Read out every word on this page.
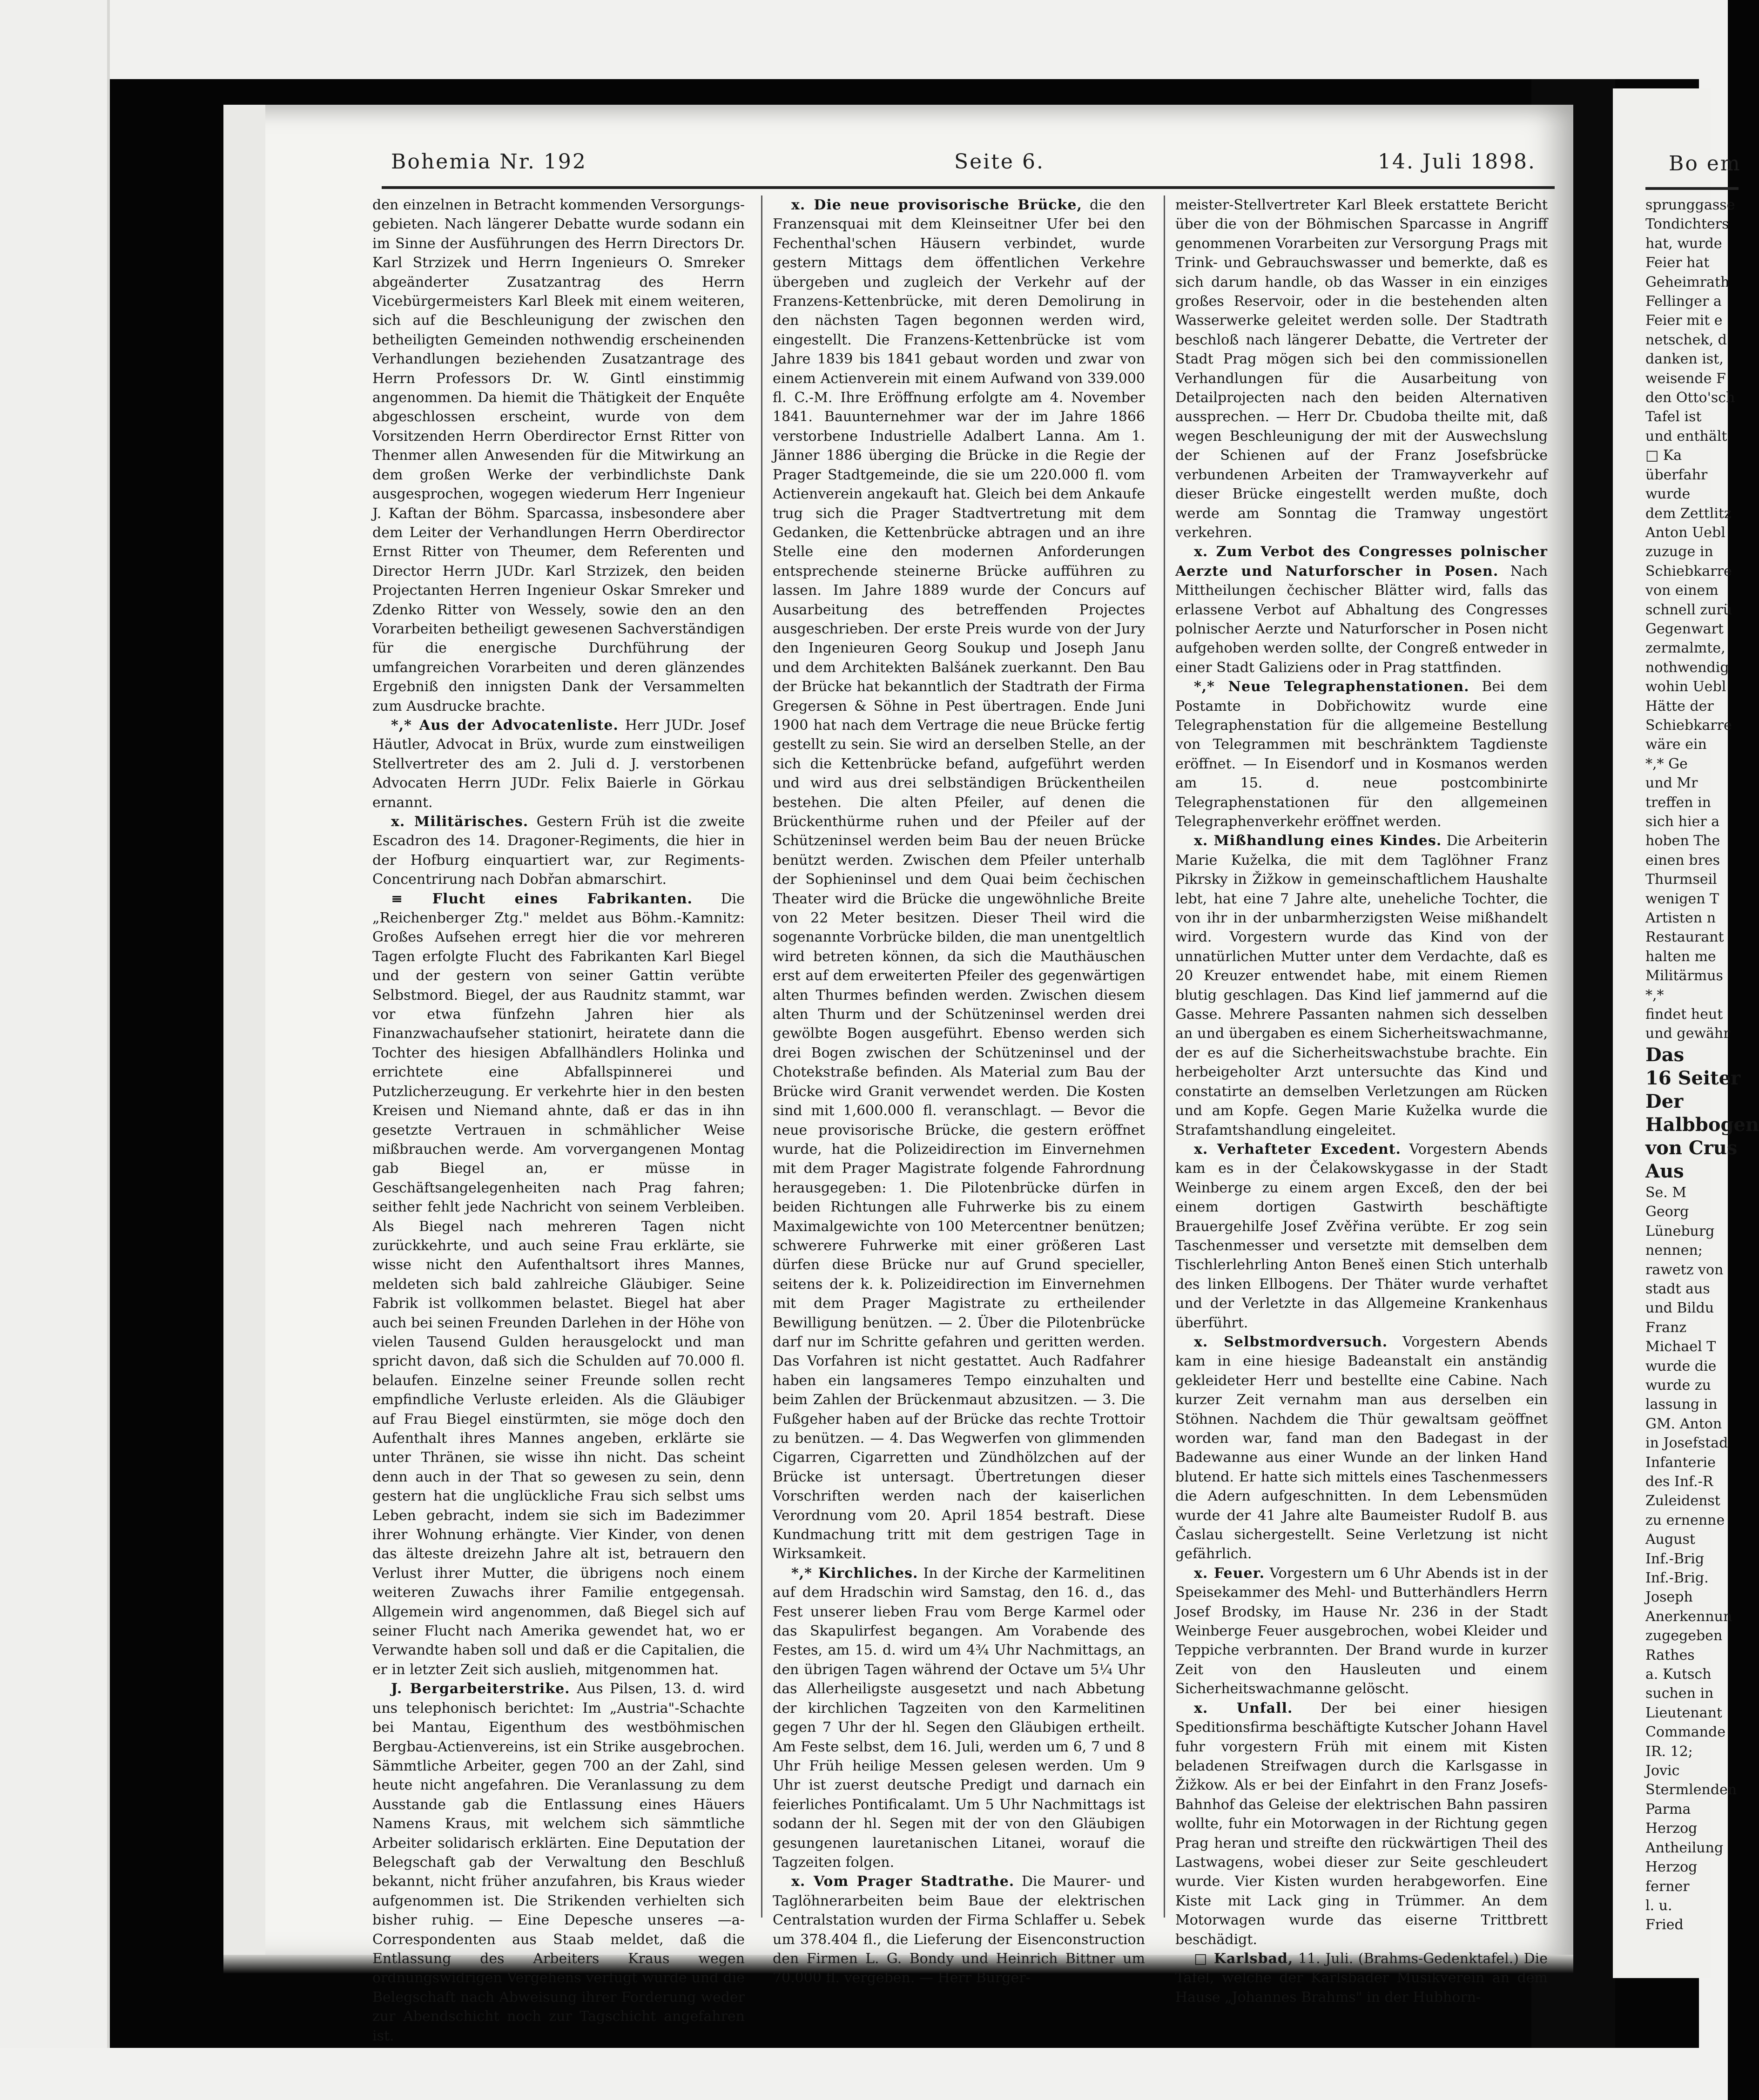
Bohemia Nr. 192	Seite 6.	14. Juli 1898.

den einzelnen in Betracht kommenden Versorgungs-gebieten. Nach längerer Debatte wurde sodann ein im Sinne der Ausführungen des Herrn Directors Dr. Karl Strzizek und Herrn Ingenieurs O. Smreker abgeänderter Zusatzantrag des Herrn Vicebürgermeisters Karl Bleek mit einem weiteren, sich auf die Beschleunigung der zwischen den betheiligten Gemeinden nothwendig erscheinenden Verhandlungen beziehenden Zusatzantrage des Herrn Professors Dr. W. Gintl einstimmig angenommen. Da hiemit die Thätigkeit der Enquête abgeschlossen erscheint, wurde von dem Vorsitzenden Herrn Oberdirector Ernst Ritter von Thenmer allen Anwesenden für die Mitwirkung an dem großen Werke der verbindlichste Dank ausgesprochen, wogegen wiederum Herr Ingenieur J. Kaftan der Böhm. Sparcassa, insbesondere aber dem Leiter der Verhandlungen Herrn Oberdirector Ernst Ritter von Theumer, dem Referenten und Director Herrn JUDr. Karl Strzizek, den beiden Projectanten Herren Ingenieur Oskar Smreker und Zdenko Ritter von Wessely, sowie den an den Vorarbeiten betheiligt gewesenen Sachverständigen für die energische Durchführung der umfangreichen Vorarbeiten und deren glänzendes Ergebniß den innigsten Dank der Versammelten zum Ausdrucke brachte.

*,* Aus der Advocatenliste. Herr JUDr. Josef Häutler, Advocat in Brüx, wurde zum einstweiligen Stellvertreter des am 2. Juli d. J. verstorbenen Advocaten Herrn JUDr. Felix Baierle in Görkau ernannt.

x. Militärisches. Gestern Früh ist die zweite Escadron des 14. Dragoner-Regiments, die hier in der Hofburg einquartiert war, zur Regiments-Concentrirung nach Dobřan abmarschirt.

≡ Flucht eines Fabrikanten. Die „Reichenberger Ztg." meldet aus Böhm.-Kamnitz: Großes Aufsehen erregt hier die vor mehreren Tagen erfolgte Flucht des Fabrikanten Karl Biegel und der gestern von seiner Gattin verübte Selbstmord. Biegel, der aus Raudnitz stammt, war vor etwa fünfzehn Jahren hier als Finanzwachaufseher stationirt, heiratete dann die Tochter des hiesigen Abfallhändlers Holinka und errichtete eine Abfallspinnerei und Putzlicherzeugung. Er verkehrte hier in den besten Kreisen und Niemand ahnte, daß er das in ihn gesetzte Vertrauen in schmählicher Weise mißbrauchen werde. Am vorvergangenen Montag gab Biegel an, er müsse in Geschäftsangelegenheiten nach Prag fahren; seither fehlt jede Nachricht von seinem Verbleiben. Als Biegel nach mehreren Tagen nicht zurückkehrte, und auch seine Frau erklärte, sie wisse nicht den Aufenthaltsort ihres Mannes, meldeten sich bald zahlreiche Gläubiger. Seine Fabrik ist vollkommen belastet. Biegel hat aber auch bei seinen Freunden Darlehen in der Höhe von vielen Tausend Gulden herausgelockt und man spricht davon, daß sich die Schulden auf 70.000 fl. belaufen. Einzelne seiner Freunde sollen recht empfindliche Verluste erleiden. Als die Gläubiger auf Frau Biegel einstürmten, sie möge doch den Aufenthalt ihres Mannes angeben, erklärte sie unter Thränen, sie wisse ihn nicht. Das scheint denn auch in der That so gewesen zu sein, denn gestern hat die unglückliche Frau sich selbst ums Leben gebracht, indem sie sich im Badezimmer ihrer Wohnung erhängte. Vier Kinder, von denen das älteste dreizehn Jahre alt ist, betrauern den Verlust ihrer Mutter, die übrigens noch einem weiteren Zuwachs ihrer Familie entgegensah. Allgemein wird angenommen, daß Biegel sich auf seiner Flucht nach Amerika gewendet hat, wo er Verwandte haben soll und daß er die Capitalien, die er in letzter Zeit sich auslieh, mitgenommen hat.

J. Bergarbeiterstrike. Aus Pilsen, 13. d. wird uns telephonisch berichtet: Im „Austria"-Schachte bei Mantau, Eigenthum des westböhmischen Bergbau-Actienvereins, ist ein Strike ausgebrochen. Sämmtliche Arbeiter, gegen 700 an der Zahl, sind heute nicht angefahren. Die Veranlassung zu dem Ausstande gab die Entlassung eines Häuers Namens Kraus, mit welchem sich sämmtliche Arbeiter solidarisch erklärten. Eine Deputation der Belegschaft gab der Verwaltung den Beschluß bekannt, nicht früher anzufahren, bis Kraus wieder aufgenommen ist. Die Strikenden verhielten sich bisher ruhig. — Eine Depesche unseres —a-Correspondenten aus Staab meldet, daß die Entlassung des Arbeiters Kraus wegen ordnungswidrigen Vergehens verfügt wurde und die Belegschaft nach Abweisung ihrer Forderung weder zur Abendschicht noch zur Tagschicht angefahren ist.

x. Die neue provisorische Brücke, die den Franzensquai mit dem Kleinseitner Ufer bei den Fechenthal'schen Häusern verbindet, wurde gestern Mittags dem öffentlichen Verkehre übergeben und zugleich der Verkehr auf der Franzens-Kettenbrücke, mit deren Demolirung in den nächsten Tagen begonnen werden wird, eingestellt. Die Franzens-Kettenbrücke ist vom Jahre 1839 bis 1841 gebaut worden und zwar von einem Actienverein mit einem Aufwand von 339.000 fl. C.-M. Ihre Eröffnung erfolgte am 4. November 1841. Bauunternehmer war der im Jahre 1866 verstorbene Industrielle Adalbert Lanna. Am 1. Jänner 1886 überging die Brücke in die Regie der Prager Stadtgemeinde, die sie um 220.000 fl. vom Actienverein angekauft hat. Gleich bei dem Ankaufe trug sich die Prager Stadtvertretung mit dem Gedanken, die Kettenbrücke abtragen und an ihre Stelle eine den modernen Anforderungen entsprechende steinerne Brücke aufführen zu lassen. Im Jahre 1889 wurde der Concurs auf Ausarbeitung des betreffenden Projectes ausgeschrieben. Der erste Preis wurde von der Jury den Ingenieuren Georg Soukup und Joseph Janu und dem Architekten Balšánek zuerkannt. Den Bau der Brücke hat bekanntlich der Stadtrath der Firma Gregersen & Söhne in Pest übertragen. Ende Juni 1900 hat nach dem Vertrage die neue Brücke fertig gestellt zu sein. Sie wird an derselben Stelle, an der sich die Kettenbrücke befand, aufgeführt werden und wird aus drei selbständigen Brückentheilen bestehen. Die alten Pfeiler, auf denen die Brückenthürme ruhen und der Pfeiler auf der Schützeninsel werden beim Bau der neuen Brücke benützt werden. Zwischen dem Pfeiler unterhalb der Sophieninsel und dem Quai beim čechischen Theater wird die Brücke die ungewöhnliche Breite von 22 Meter besitzen. Dieser Theil wird die sogenannte Vorbrücke bilden, die man unentgeltlich wird betreten können, da sich die Mauthäuschen erst auf dem erweiterten Pfeiler des gegenwärtigen alten Thurmes befinden werden. Zwischen diesem alten Thurm und der Schützeninsel werden drei gewölbte Bogen ausgeführt. Ebenso werden sich drei Bogen zwischen der Schützeninsel und der Chotekstraße befinden. Als Material zum Bau der Brücke wird Granit verwendet werden. Die Kosten sind mit 1,600.000 fl. veranschlagt. — Bevor die neue provisorische Brücke, die gestern eröffnet wurde, hat die Polizeidirection im Einvernehmen mit dem Prager Magistrate folgende Fahrordnung herausgegeben: 1. Die Pilotenbrücke dürfen in beiden Richtungen alle Fuhrwerke bis zu einem Maximalgewichte von 100 Metercentner benützen; schwerere Fuhrwerke mit einer größeren Last dürfen diese Brücke nur auf Grund specieller, seitens der k. k. Polizeidirection im Einvernehmen mit dem Prager Magistrate zu ertheilender Bewilligung benützen. — 2. Über die Pilotenbrücke darf nur im Schritte gefahren und geritten werden. Das Vorfahren ist nicht gestattet. Auch Radfahrer haben ein langsameres Tempo einzuhalten und beim Zahlen der Brückenmaut abzusitzen. — 3. Die Fußgeher haben auf der Brücke das rechte Trottoir zu benützen. — 4. Das Wegwerfen von glimmenden Cigarren, Cigarretten und Zündhölzchen auf der Brücke ist untersagt. Übertretungen dieser Vorschriften werden nach der kaiserlichen Verordnung vom 20. April 1854 bestraft. Diese Kundmachung tritt mit dem gestrigen Tage in Wirksamkeit.

*,* Kirchliches. In der Kirche der Karmelitinen auf dem Hradschin wird Samstag, den 16. d., das Fest unserer lieben Frau vom Berge Karmel oder das Skapulirfest begangen. Am Vorabende des Festes, am 15. d. wird um 4¾ Uhr Nachmittags, an den übrigen Tagen während der Octave um 5¼ Uhr das Allerheiligste ausgesetzt und nach Abbetung der kirchlichen Tagzeiten von den Karmelitinen gegen 7 Uhr der hl. Segen den Gläubigen ertheilt. Am Feste selbst, dem 16. Juli, werden um 6, 7 und 8 Uhr Früh heilige Messen gelesen werden. Um 9 Uhr ist zuerst deutsche Predigt und darnach ein feierliches Pontificalamt. Um 5 Uhr Nachmittags ist sodann der hl. Segen mit der von den Gläubigen gesungenen lauretanischen Litanei, worauf die Tagzeiten folgen.

x. Vom Prager Stadtrathe. Die Maurer- und Taglöhnerarbeiten beim Baue der elektrischen Centralstation wurden der Firma Schlaffer u. Sebek um 378.404 fl., die Lieferung der Eisenconstruction den Firmen L. G. Bondy und Heinrich Bittner um 70.000 fl. vergeben. — Herr Bürger-

meister-Stellvertreter Karl Bleek erstattete Bericht über die von der Böhmischen Sparcasse in Angriff genommenen Vorarbeiten zur Versorgung Prags mit Trink- und Gebrauchswasser und bemerkte, daß es sich darum handle, ob das Wasser in ein einziges großes Reservoir, oder in die bestehenden alten Wasserwerke geleitet werden solle. Der Stadtrath beschloß nach längerer Debatte, die Vertreter der Stadt Prag mögen sich bei den commissionellen Verhandlungen für die Ausarbeitung von Detailprojecten nach den beiden Alternativen aussprechen. — Herr Dr. Cbudoba theilte mit, daß wegen Beschleunigung der mit der Auswechslung der Schienen auf der Franz Josefsbrücke verbundenen Arbeiten der Tramwayverkehr auf dieser Brücke eingestellt werden mußte, doch werde am Sonntag die Tramway ungestört verkehren.

x. Zum Verbot des Congresses polnischer Aerzte und Naturforscher in Posen. Nach Mittheilungen čechischer Blätter wird, falls das erlassene Verbot auf Abhaltung des Congresses polnischer Aerzte und Naturforscher in Posen nicht aufgehoben werden sollte, der Congreß entweder in einer Stadt Galiziens oder in Prag stattfinden.

*,* Neue Telegraphenstationen. Bei dem Postamte in Dobřichowitz wurde eine Telegraphenstation für die allgemeine Bestellung von Telegrammen mit beschränktem Tagdienste eröffnet. — In Eisendorf und in Kosmanos werden am 15. d. neue postcombinirte Telegraphenstationen für den allgemeinen Telegraphenverkehr eröffnet werden.

x. Mißhandlung eines Kindes. Die Arbeiterin Marie Kuželka, die mit dem Taglöhner Franz Pikrsky in Žižkow in gemeinschaftlichem Haushalte lebt, hat eine 7 Jahre alte, uneheliche Tochter, die von ihr in der unbarmherzigsten Weise mißhandelt wird. Vorgestern wurde das Kind von der unnatürlichen Mutter unter dem Verdachte, daß es 20 Kreuzer entwendet habe, mit einem Riemen blutig geschlagen. Das Kind lief jammernd auf die Gasse. Mehrere Passanten nahmen sich desselben an und übergaben es einem Sicherheitswachmanne, der es auf die Sicherheitswachstube brachte. Ein herbeigeholter Arzt untersuchte das Kind und constatirte an demselben Verletzungen am Rücken und am Kopfe. Gegen Marie Kuželka wurde die Strafamtshandlung eingeleitet.

x. Verhafteter Excedent. Vorgestern Abends kam es in der Čelakowskygasse in der Stadt Weinberge zu einem argen Exceß, den der bei einem dortigen Gastwirth beschäftigte Brauergehilfe Josef Zvěřina verübte. Er zog sein Taschenmesser und versetzte mit demselben dem Tischlerlehrling Anton Beneš einen Stich unterhalb des linken Ellbogens. Der Thäter wurde verhaftet und der Verletzte in das Allgemeine Krankenhaus überführt.

x. Selbstmordversuch. Vorgestern Abends kam in eine hiesige Badeanstalt ein anständig gekleideter Herr und bestellte eine Cabine. Nach kurzer Zeit vernahm man aus derselben ein Stöhnen. Nachdem die Thür gewaltsam geöffnet worden war, fand man den Badegast in der Badewanne aus einer Wunde an der linken Hand blutend. Er hatte sich mittels eines Taschenmessers die Adern aufgeschnitten. In dem Lebensmüden wurde der 41 Jahre alte Baumeister Rudolf B. aus Časlau sichergestellt. Seine Verletzung ist nicht gefährlich.

x. Feuer. Vorgestern um 6 Uhr Abends ist in der Speisekammer des Mehl- und Butterhändlers Herrn Josef Brodsky, im Hause Nr. 236 in der Stadt Weinberge Feuer ausgebrochen, wobei Kleider und Teppiche verbrannten. Der Brand wurde in kurzer Zeit von den Hausleuten und einem Sicherheitswachmanne gelöscht.

x. Unfall. Der bei einer hiesigen Speditionsfirma beschäftigte Kutscher Johann Havel fuhr vorgestern Früh mit einem mit Kisten beladenen Streifwagen durch die Karlsgasse in Žižkow. Als er bei der Einfahrt in den Franz Josefs-Bahnhof das Geleise der elektrischen Bahn passiren wollte, fuhr ein Motorwagen in der Richtung gegen Prag heran und streifte den rückwärtigen Theil des Lastwagens, wobei dieser zur Seite geschleudert wurde. Vier Kisten wurden herabgeworfen. Eine Kiste mit Lack ging in Trümmer. An dem Motorwagen wurde das eiserne Trittbrett beschädigt.

□ Karlsbad, 11. Juli. (Brahms-Gedenktafel.) Die Tafel, welche der Karlsbader Musikverein an dem Hause „Johannes Brahms" in der Hubhorn-

Bo em
sprunggasse
Tondichters
hat, wurde
Feier hat
Geheimrath
Fellinger a
Feier mit e
netschek, d
danken ist,
weisende F
den Otto'sch
Tafel ist
und enthält
□ Ka
überfahr
wurde
dem Zettlitz
Anton Uebl
zuzuge in
Schiebkarre
von einem
schnell zurü
Gegenwart
zermalmte,
nothwendig
wohin Uebl
Hätte der
Schiebkarre
wäre ein
*,* Ge
und Mr
treffen in
sich hier a
hoben The
einen bres
Thurmseil
wenigen T
Artisten n
Restaurant
halten me
Militärmus
*,*
findet heut
und gewähr
Das
16 Seiter
Der
Halbbogen
von Crus
Aus
Se. M
Georg
Lüneburg
nennen;
rawetz von
stadt aus
und Bildu
Franz
Michael T
wurde die
wurde zu
lassung in
GM. Anton
in Josefstad
Infanterie
des Inf.-R
Zuleidenst
zu ernenne
August
Inf.-Brig
Inf.-Brig.
Joseph
Anerkennun
zugegeben
Rathes
a. Kutsch
suchen in
Lieutenant
Commande
IR. 12;
Jovic
Stermlenden
Parma
Herzog
Antheilung
Herzog
ferner
l. u.
Fried
